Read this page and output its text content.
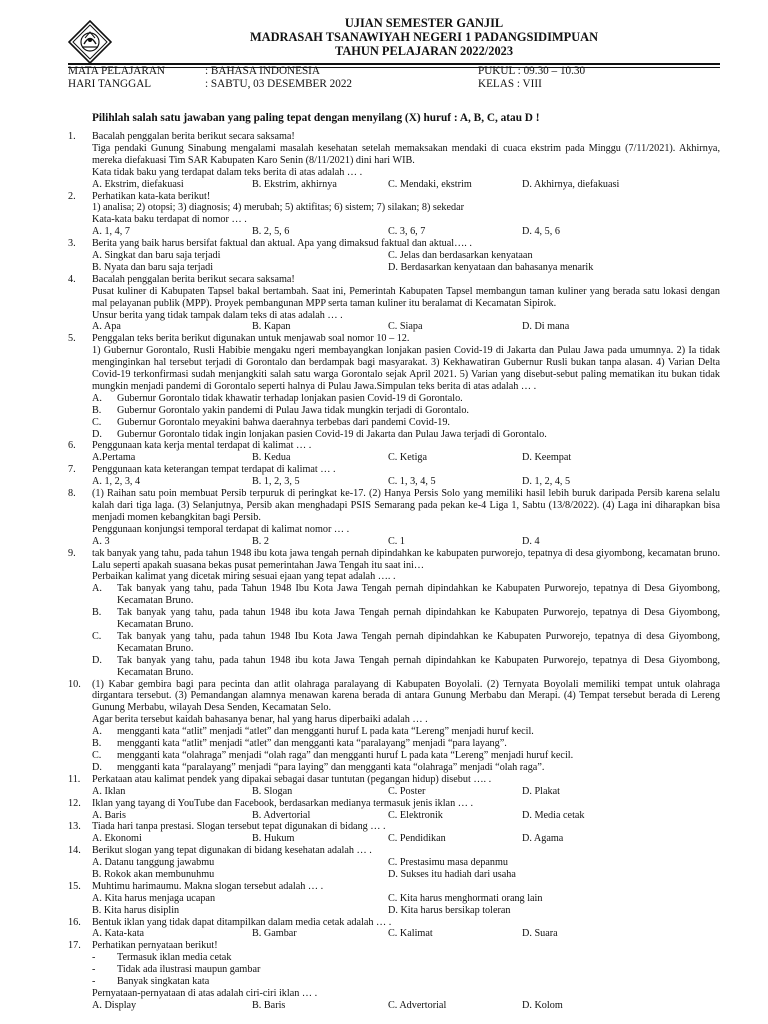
UJIAN SEMESTER GANJIL
MADRASAH TSANAWIYAH NEGERI 1 PADANGSIDIMPUAN
TAHUN PELAJARAN 2022/2023
MATA PELAJARAN	: BAHASA INDONESIA	PUKUL : 09.30 – 10.30
HARI TANGGAL	: SABTU, 03 DESEMBER 2022	KELAS : VIII
Pilihlah salah satu jawaban yang paling tepat dengan menyilang (X) huruf : A, B, C, atau D !
1.	Bacalah penggalan berita berikut secara saksama!
Tiga pendaki Gunung Sinabung mengalami masalah kesehatan setelah memaksakan mendaki di cuaca ekstrim pada Minggu (7/11/2021). Akhirnya, mereka diefakuasi Tim SAR Kabupaten Karo Senin (8/11/2021) dini hari WIB.
Kata tidak baku yang terdapat dalam teks berita di atas adalah … .
A. Ekstrim, diefakuasi	B. Ekstrim, akhirnya	C. Mendaki, ekstrim	D. Akhirnya, diefakuasi
2.	Perhatikan kata-kata berikut!
1) analisa; 2) otopsi; 3) diagnosis; 4) merubah; 5) aktifitas; 6) sistem; 7) silakan; 8) sekedar
Kata-kata baku terdapat di nomor … .
A. 1, 4, 7	B. 2, 5, 6	C. 3, 6, 7	D. 4, 5, 6
3.	Berita yang baik harus bersifat faktual dan aktual. Apa yang dimaksud faktual dan aktual…. .
A. Singkat dan baru saja terjadi	C. Jelas dan berdasarkan kenyataan
B. Nyata dan baru saja terjadi	D. Berdasarkan kenyataan dan bahasanya menarik
4.	Bacalah penggalan berita berikut secara saksama!
Pusat kuliner di Kabupaten Tapsel bakal bertambah. Saat ini, Pemerintah Kabupaten Tapsel membangun taman kuliner yang berada satu lokasi dengan mal pelayanan publik (MPP). Proyek pembangunan MPP serta taman kuliner itu beralamat di Kecamatan Sipirok.
Unsur berita yang tidak tampak dalam teks di atas adalah … .
A. Apa	B. Kapan	C. Siapa	D. Di mana
5.	Penggalan teks berita berikut digunakan untuk menjawab soal nomor 10 – 12.
1) Gubernur Gorontalo, Rusli Habibie mengaku ngeri membayangkan lonjakan pasien Covid-19 di Jakarta dan Pulau Jawa pada umumnya. 2) Ia tidak menginginkan hal tersebut terjadi di Gorontalo dan berdampak bagi masyarakat. 3) Kekhawatiran Gubernur Rusli bukan tanpa alasan. 4) Varian Delta Covid-19 terkonfirmasi sudah menjangkiti salah satu warga Gorontalo sejak April 2021. 5) Varian yang disebut-sebut paling mematikan itu bukan tidak mungkin menjadi pandemi di Gorontalo seperti halnya di Pulau Jawa.Simpulan teks berita di atas adalah … .
A. Gubernur Gorontalo tidak khawatir terhadap lonjakan pasien Covid-19 di Gorontalo.
B. Gubernur Gorontalo yakin pandemi di Pulau Jawa tidak mungkin terjadi di Gorontalo.
C. Gubernur Gorontalo meyakini bahwa daerahnya terbebas dari pandemi Covid-19.
D. Gubernur Gorontalo tidak ingin lonjakan pasien Covid-19 di Jakarta dan Pulau Jawa terjadi di Gorontalo.
6.	Penggunaan kata kerja mental terdapat di kalimat … .
A.Pertama	B. Kedua	C. Ketiga	D. Keempat
7.	Penggunaan kata keterangan tempat terdapat di kalimat … .
A. 1, 2, 3, 4	B. 1, 2, 3, 5	C. 1, 3, 4, 5	D. 1, 2, 4, 5
8.	(1) Raihan satu poin membuat Persib terpuruk di peringkat ke-17. (2) Hanya Persis Solo yang memiliki hasil lebih buruk daripada Persib karena selalu kalah dari tiga laga. (3) Selanjutnya, Persib akan menghadapi PSIS Semarang pada pekan ke-4 Liga 1, Sabtu (13/8/2022). (4) Laga ini diharapkan bisa menjadi momen kebangkitan bagi Persib.
Penggunaan konjungsi temporal terdapat di kalimat nomor … .
A. 3	B. 2	C. 1	D. 4
9.	tak banyak yang tahu, pada tahun 1948 ibu kota jawa tengah pernah dipindahkan ke kabupaten purworejo, tepatnya di desa giyombong, kecamatan bruno. Lalu seperti apakah suasana bekas pusat pemerintahan Jawa Tengah itu saat ini…
Perbaikan kalimat yang dicetak miring sesuai ejaan yang tepat adalah …. .
A. Tak banyak yang tahu, pada Tahun 1948 Ibu Kota Jawa Tengah pernah dipindahkan ke Kabupaten Purworejo, tepatnya di Desa Giyombong, Kecamatan Bruno.
B. Tak banyak yang tahu, pada tahun 1948 ibu kota Jawa Tengah pernah dipindahkan ke Kabupaten Purworejo, tepatnya di Desa Giyombong, Kecamatan Bruno.
C. Tak banyak yang tahu, pada tahun 1948 Ibu Kota Jawa Tengah pernah dipindahkan ke Kabupaten Purworejo, tepatnya di desa Giyombong, Kecamatan Bruno.
D. Tak banyak yang tahu, pada tahun 1948 ibu kota Jawa Tengah pernah dipindahkan ke Kabupaten Purworejo, tepatnya di Desa Giyombong, Kecamatan Bruno.
10.	(1) Kabar gembira bagi para pecinta dan atlit olahraga paralayang di Kabupaten Boyolali. (2) Ternyata Boyolali memiliki tempat untuk olahraga dirgantara tersebut. (3) Pemandangan alamnya menawan karena berada di antara Gunung Merbabu dan Merapi. (4) Tempat tersebut berada di Lereng Gunung Merbabu, wilayah Desa Senden, Kecamatan Selo.
Agar berita tersebut kaidah bahasanya benar, hal yang harus diperbaiki adalah … .
A. mengganti kata “atlit” menjadi “atlet” dan mengganti huruf L pada kata “Lereng” menjadi huruf kecil.
B. mengganti kata “atlit” menjadi “atlet” dan mengganti kata “paralayang” menjadi “para layang”.
C. mengganti kata “olahraga” menjadi “olah raga” dan mengganti huruf L pada kata “Lereng” menjadi huruf kecil.
D. mengganti kata “paralayang” menjadi “para laying” dan mengganti kata “olahraga” menjadi “olah raga”.
11.	Perkataan atau kalimat pendek yang dipakai sebagai dasar tuntutan (pegangan hidup) disebut …. .
A. Iklan	B. Slogan	C. Poster	D. Plakat
12.	Iklan yang tayang di YouTube dan Facebook, berdasarkan medianya termasuk jenis iklan … .
A. Baris	B. Advertorial	C. Elektronik	D. Media cetak
13.	Tiada hari tanpa prestasi. Slogan tersebut tepat digunakan di bidang … .
A. Ekonomi	B. Hukum	C. Pendidikan	D. Agama
14.	Berikut slogan yang tepat digunakan di bidang kesehatan adalah … .
A. Datanu tanggung jawabmu	C. Prestasimu masa depanmu
B. Rokok akan membunuhmu	D. Sukses itu hadiah dari usaha
15.	Muhtimu harimaumu. Makna slogan tersebut adalah … .
A. Kita harus menjaga ucapan	C. Kita harus menghormati orang lain
B. Kita harus disiplin	D. Kita harus bersikap toleran
16.	Bentuk iklan yang tidak dapat ditampilkan dalam media cetak adalah … .
A. Kata-kata	B. Gambar	C. Kalimat	D. Suara
17.	Perhatikan pernyataan berikut!
- Termasuk iklan media cetak
- Tidak ada ilustrasi maupun gambar
- Banyak singkatan kata
Pernyataan-pernyataan di atas adalah ciri-ciri iklan … .
A. Display	B. Baris	C. Advertorial	D. Kolom
